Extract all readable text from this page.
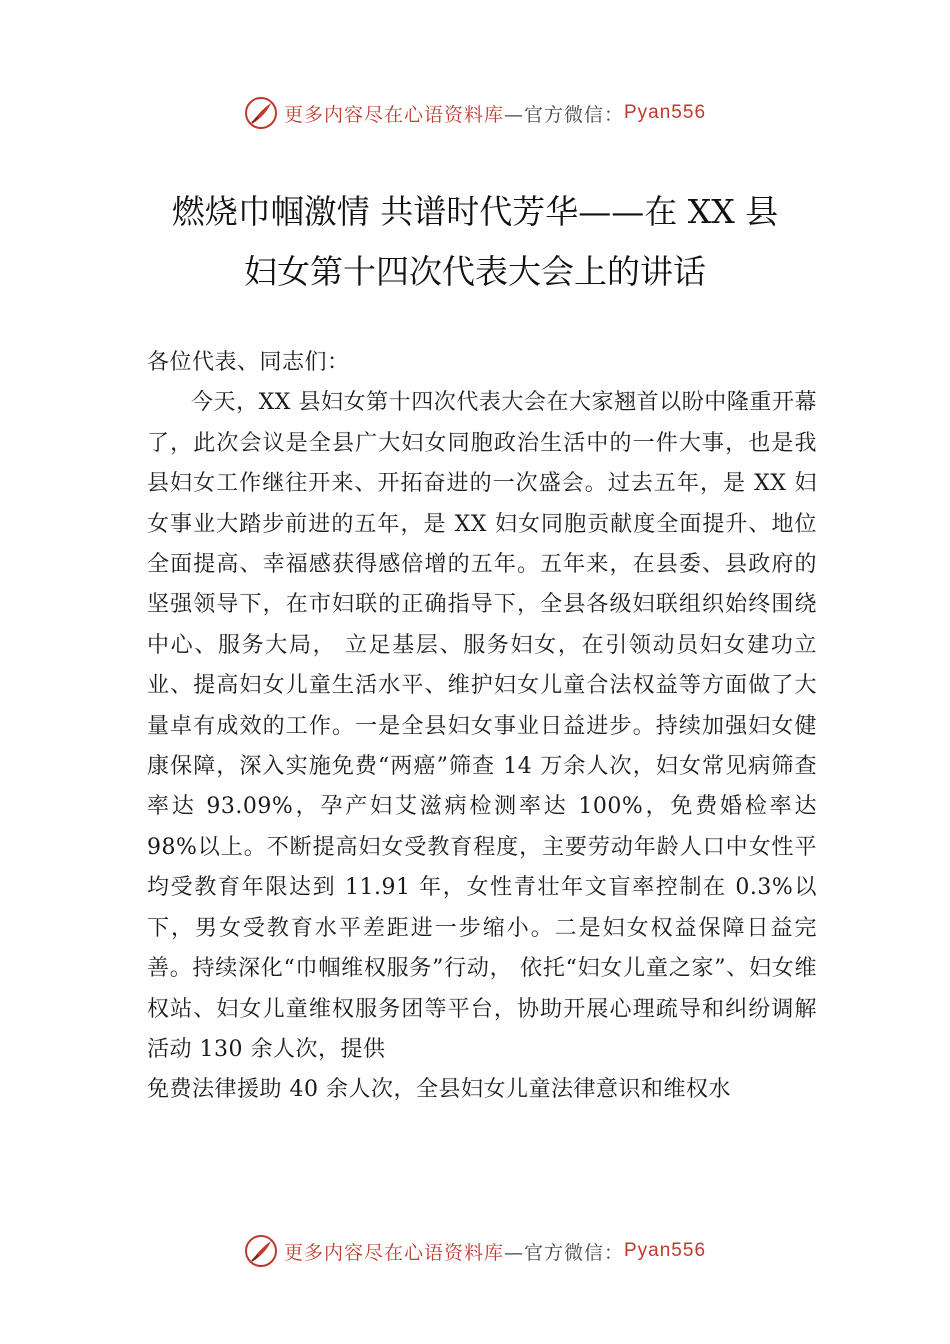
更多内容尽在心语资料库 —官方微信： Pyan556
燃烧巾帼激情 共谱时代芳华——在 XX 县
妇女第十四次代表大会上的讲话

各位代表、同志们：

今天，XX 县妇女第十四次代表大会在大家翘首以盼中隆重开幕了，此次会议是全县广大妇女同胞政治生活中的一件大事，也是我县妇女工作继往开来、开拓奋进的一次盛会。过去五年，是 XX 妇女事业大踏步前进的五年，是 XX 妇女同胞贡献度全面提升、地位全面提高、幸福感获得感倍增的五年。五年来，在县委、县政府的坚强领导下，在市妇联的正确指导下，全县各级妇联组织始终围绕中心、服务大局， 立足基层、服务妇女，在引领动员妇女建功立业、提高妇女儿童生活水平、维护妇女儿童合法权益等方面做了大量卓有成效的工作。一是全县妇女事业日益进步。持续加强妇女健康保障，深入实施免费“两癌”筛查 14 万余人次，妇女常见病筛查率达 93.09%，孕产妇艾滋病检测率达 100%，免费婚检率达 98%以上。不断提高妇女受教育程度，主要劳动年龄人口中女性平均受教育年限达到 11.91 年，女性青壮年文盲率控制在 0.3%以下，男女受教育水平差距进一步缩小。二是妇女权益保障日益完善。持续深化“巾帼维权服务”行动， 依托“妇女儿童之家”、妇女维权站、妇女儿童维权服务团等平台，协助开展心理疏导和纠纷调解活动 130 余人次，提供

免费法律援助 40 余人次，全县妇女儿童法律意识和维权水

更多内容尽在心语资料库 —官方微信： Pyan556
